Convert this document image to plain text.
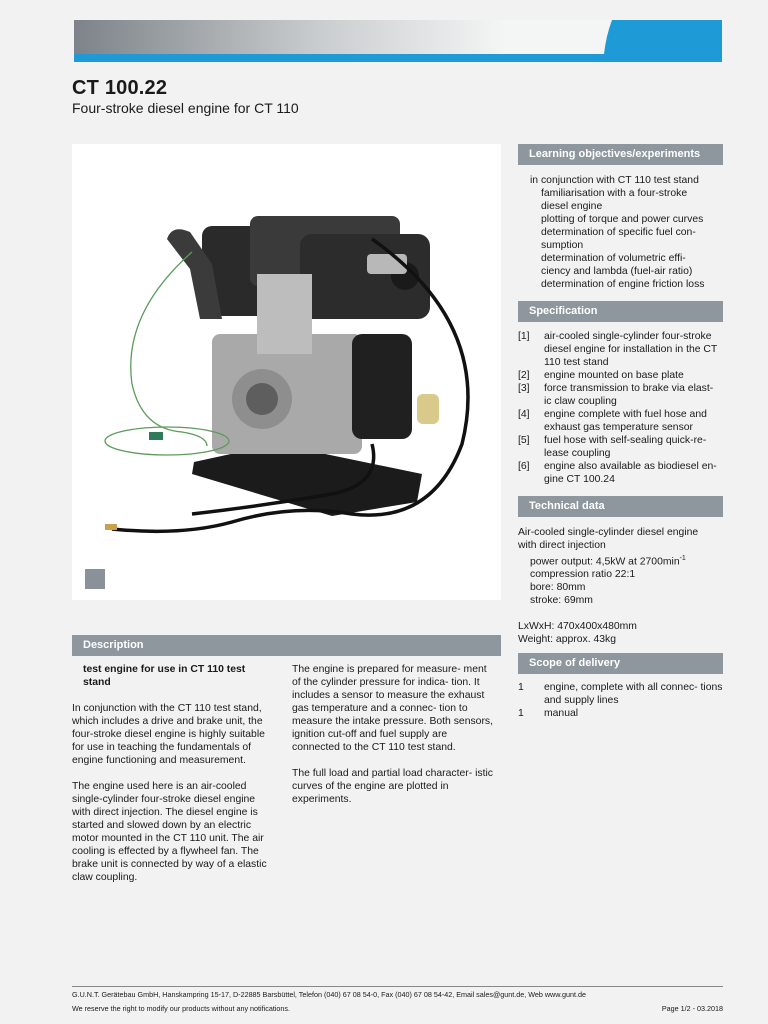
CT 100.22
Four-stroke diesel engine for CT 110
Learning objectives/experiments

in conjunction with CT 110 test stand

familiarisation with a four-stroke

diesel engine

plotting of torque and power curves

determination of specific fuel con-

sumption

determination of volumetric effi-

ciency and lambda (fuel-air ratio)

determination of engine friction loss

Specification
[1]	air-cooled single-cylinder four-stroke diesel engine for installation in the CT 110 test stand
[2]	engine mounted on base plate
[3]	force transmission to brake via elast- ic claw coupling
[4]	engine complete with fuel hose and exhaust gas temperature sensor
[5]	fuel hose with self-sealing quick-re- lease coupling
[6]	engine also available as biodiesel en- gine CT 100.24
Technical data

Air-cooled single-cylinder diesel engine

with direct injection

power output: 4,5kW at $2700\min^{-1}$

compression ratio 22:1

bore: 80mm

stroke: 69mm

LxWxH: 470x400x480mm

Weight: approx. 43kg

Scope of delivery
1	engine, complete with all connec- tions and supply lines
1	manual
Description

test engine for use in CT 110 test stand

In conjunction with the CT 110 test stand, which includes a drive and brake unit, the four-stroke diesel engine is highly suitable for use in teaching the fundamentals of engine functioning and measurement.

The engine used here is an air-cooled single-cylinder four-stroke diesel engine with direct injection. The diesel engine is started and slowed down by an electric motor mounted in the CT 110 unit. The air cooling is effected by a flywheel fan. The brake unit is connected by way of a elastic claw coupling.

The engine is prepared for measure- ment of the cylinder pressure for indica- tion. It includes a sensor to measure the exhaust gas temperature and a connec- tion to measure the intake pressure. Both sensors, ignition cut-off and fuel supply are connected to the CT 110 test stand.

The full load and partial load character- istic curves of the engine are plotted in experiments.

G.U.N.T. Gerätebau GmbH, Hanskampring 15-17, D-22885 Barsbüttel, Telefon (040) 67 08 54-0, Fax (040) 67 08 54-42, Email sales@gunt.de, Web www.gunt.de
We reserve the right to modify our products without any notifications.	Page 1/2 - 03.2018
